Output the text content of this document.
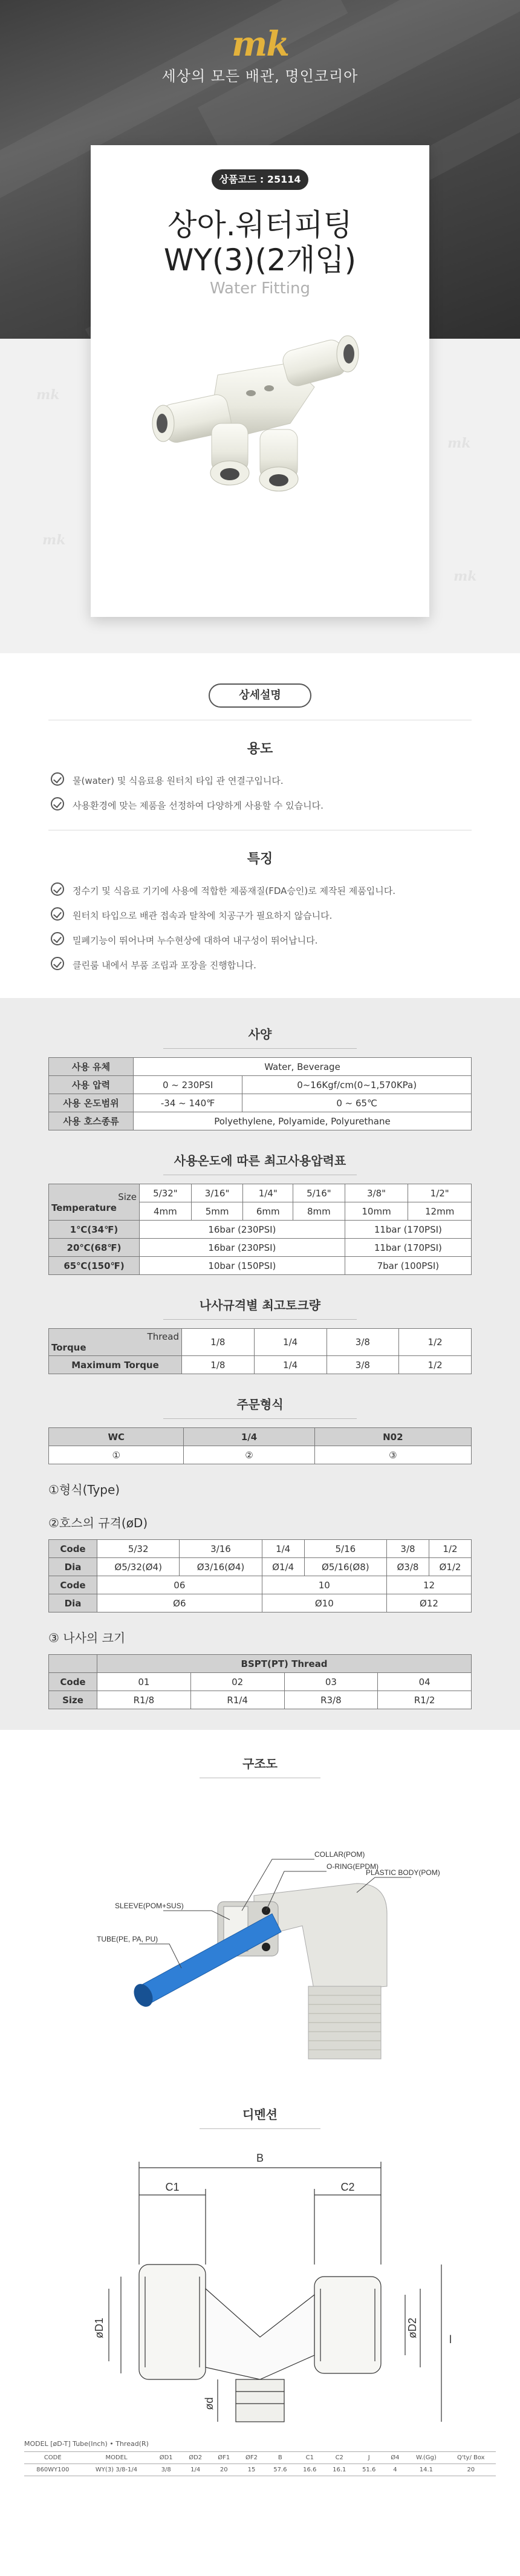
mk
세상의 모든 배관, 명인코리아
상품코드 : 25114
상아.워터피팅
WY(3)(2개입)
Water Fitting
mk
mk
mk
mk
상세설명
용도
물(water) 및 식음료용 원터치 타입 관 연결구입니다.
사용환경에 맞는 제품을 선정하여 다양하게 사용할 수 있습니다.
특징
정수기 및 식음료 기기에 사용에 적합한 제품재질(FDA승인)로 제작된 제품입니다.
원터치 타입으로 배관 접속과 탈착에 치공구가 필요하지 않습니다.
밀폐기능이 뛰어나며 누수현상에 대하여 내구성이 뛰어납니다.
클린룸 내에서 부품 조립과 포장을 진행합니다.
사양
사용 유체	Water, Beverage	
사용 압력	0 ~ 230PSI	0~16Kgf/cm(0~1,570KPa)
사용 온도범위	-34 ~ 140℉	0 ~ 65℃
사용 호스종류	Polyethylene, Polyamide, Polyurethane	
사용온도에 따른 최고사용압력표
Size
Temperature	5/32"	3/16"	1/4"	5/16"	3/8"	1/2"
	4mm	5mm	6mm	8mm	10mm	12mm
1℃(34℉)	16bar (230PSI)				11bar (170PSI)	
20℃(68℉)	16bar (230PSI)				11bar (170PSI)	
65℃(150℉)	10bar (150PSI)				7bar (100PSI)	
나사규격별 최고토크량
Thread
Torque	1/8	1/4	3/8	1/2
Maximum Torque	1/8	1/4	3/8	1/2
주문형식
WC	1/4	N02
①	②	③
①형식(Type)
②호스의 규격(øD)
Code	5/32	3/16	1/4	5/16	3/8	1/2
Dia	Ø5/32(Ø4)	Ø3/16(Ø4)	Ø1/4	Ø5/16(Ø8)	Ø3/8	Ø1/2
Code	06		10		12	
Dia	Ø6		Ø10		Ø12	
③ 나사의 크기
	BSPT(PT) Thread			
Code	01	02	03	04
Size	R1/8	R1/4	R3/8	R1/2
구조도
COLLAR(POM)
O-RING(EPDM)
PLASTIC BODY(POM)
SLEEVE(POM+SUS)
TUBE(PE, PA, PU)
디멘션
B
C1	C2
øD1	øD2
ød
l
MODEL [øD-T] Tube(Inch) • Thread(R)
CODE	MODEL	ØD1	ØD2	ØF1	ØF2	B	C1	C2	J	Ø4	W.(Gg)	Q'ty/ Box
860WY100	WY(3) 3/8-1/4	3/8	1/4	20	15	57.6	16.6	16.1	51.6	4	14.1	20
